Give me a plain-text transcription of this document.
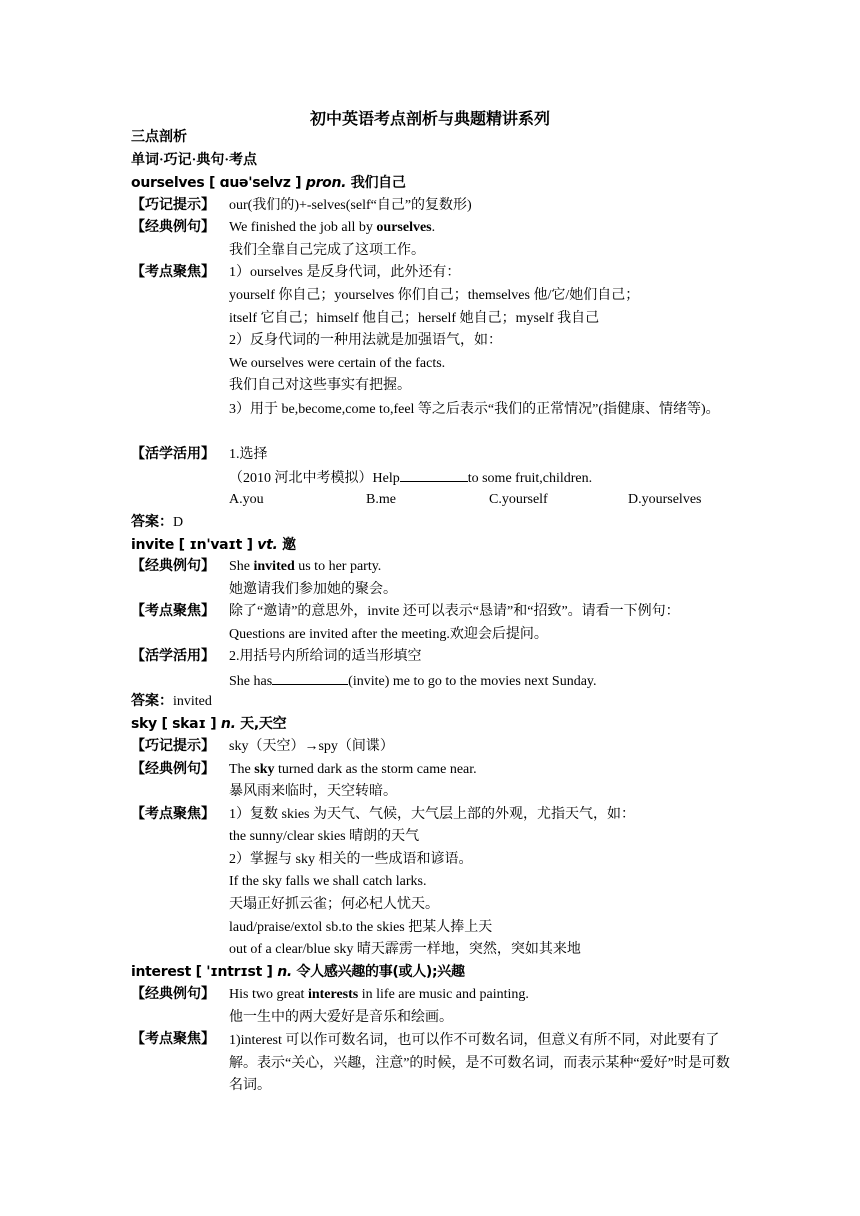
初中英语考点剖析与典题精讲系列
三点剖析
单词·巧记·典句·考点
ourselves [ ɑuə'selvz ] pron. 我们自己
【巧记提示】 our(我们的)+-selves(self“自己”的复数形)
【经典例句】 We finished the job all by ourselves.
我们全靠自己完成了这项工作。
【考点聚焦】 1）ourselves 是反身代词，此外还有：
yourself 你自己；yourselves 你们自己；themselves 他/它/她们自己；
itself 它自己；himself 他自己；herself 她自己；myself 我自己
2）反身代词的一种用法就是加强语气，如：
We ourselves were certain of the facts.
我们自己对这些事实有把握。
3）用于 be,become,come to,feel 等之后表示“我们的正常情况”(指健康、情绪等)。
【活学活用】 1.选择
（2010 河北中考模拟）Help	to some fruit,children.
A.you	B.me	C.yourself	D.yourselves
答案：D
invite [ ɪn'vaɪt ] vt. 邀
【经典例句】 She invited us to her party.
她邀请我们参加她的聚会。
【考点聚焦】 除了“邀请”的意思外，invite 还可以表示“恳请”和“招致”。请看一下例句：
Questions are invited after the meeting.欢迎会后提问。
【活学活用】 2.用括号内所给词的适当形填空
She has	(invite) me to go to the movies next Sunday.
答案：invited
sky [ skaɪ ] n. 天,天空
【巧记提示】 sky（天空）→spy（间谍）
【经典例句】 The sky turned dark as the storm came near.
暴风雨来临时，天空转暗。
【考点聚焦】 1）复数 skies 为天气、气候，大气层上部的外观，尤指天气，如：
the sunny/clear skies 晴朗的天气
2）掌握与 sky 相关的一些成语和谚语。
If the sky falls we shall catch larks.
天塌正好抓云雀；何必杞人忧天。
laud/praise/extol sb.to the skies 把某人捧上天
out of a clear/blue sky 晴天霹雳一样地，突然，突如其来地
interest [ 'ɪntrɪst ] n. 令人感兴趣的事(或人);兴趣
【经典例句】 His two great interests in life are music and painting.
他一生中的两大爱好是音乐和绘画。
【考点聚焦】 1)interest 可以作可数名词，也可以作不可数名词，但意义有所不同，对此要有了解。表示“关心，兴趣，注意”的时候，是不可数名词，而表示某种“爱好”时是可数名词。
